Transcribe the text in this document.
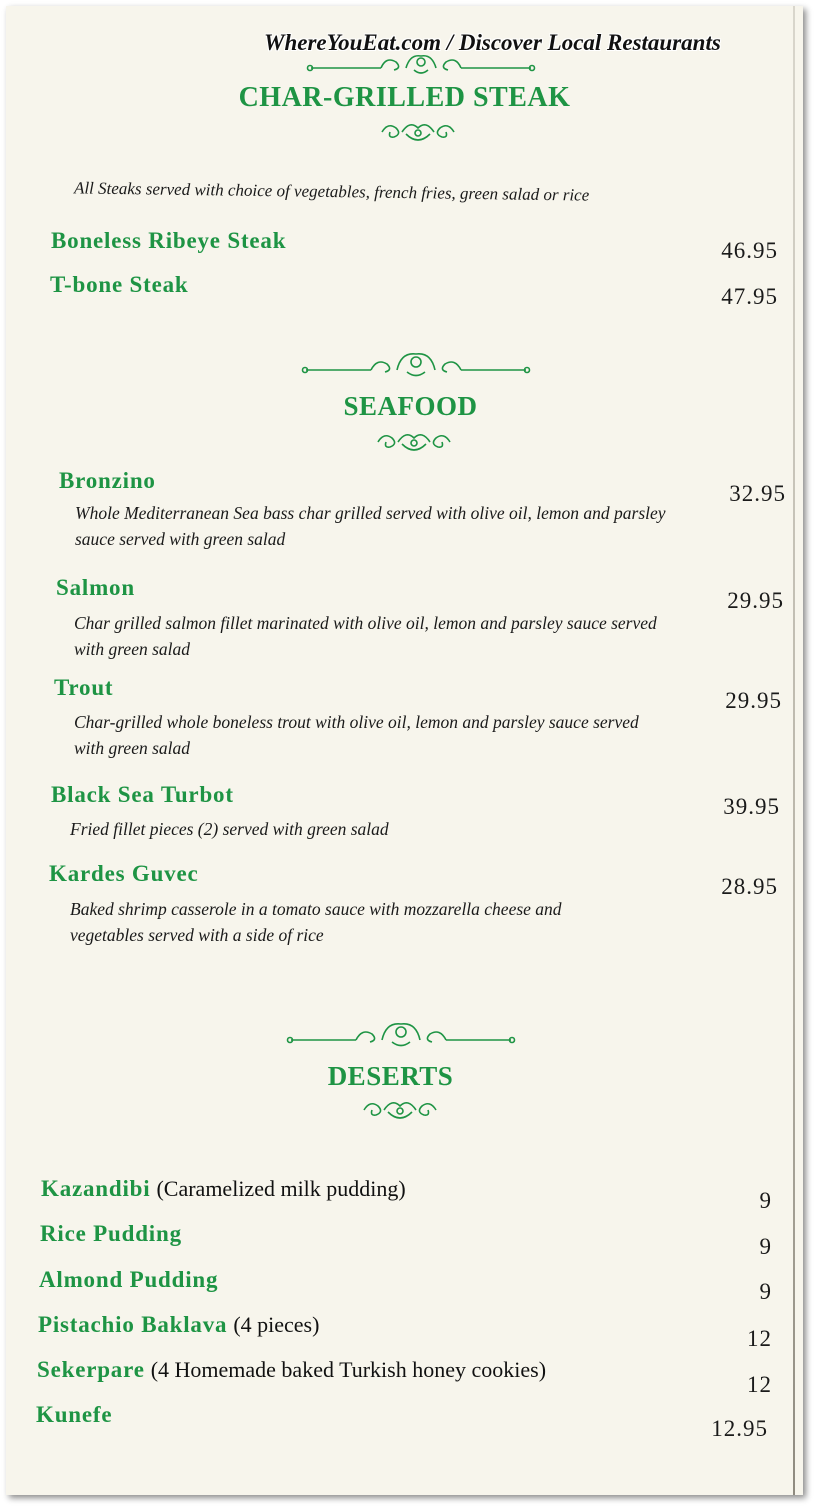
WhereYouEat.com / Discover Local Restaurants
CHAR-GRILLED STEAK
All Steaks served with choice of vegetables, french fries, green salad or rice
Boneless Ribeye Steak	46.95
T-bone Steak	47.95
SEAFOOD
Bronzino
Whole Mediterranean Sea bass char grilled served with olive oil, lemon and parsley sauce served with green salad
32.95
Salmon
Char grilled salmon fillet marinated with olive oil, lemon and parsley sauce served with green salad
29.95
Trout
Char-grilled whole boneless trout with olive oil, lemon and parsley sauce served with green salad
29.95
Black Sea Turbot
Fried fillet pieces (2) served with green salad
39.95
Kardes Guvec
Baked shrimp casserole in a tomato sauce with mozzarella cheese and vegetables served with a side of rice
28.95
DESERTS
Kazandibi (Caramelized milk pudding)	9
Rice Pudding
9
Almond Pudding	9
Pistachio Baklava (4 pieces)
12
Sekerpare (4 Homemade baked Turkish honey cookies)
12
Kunefe
12.95
